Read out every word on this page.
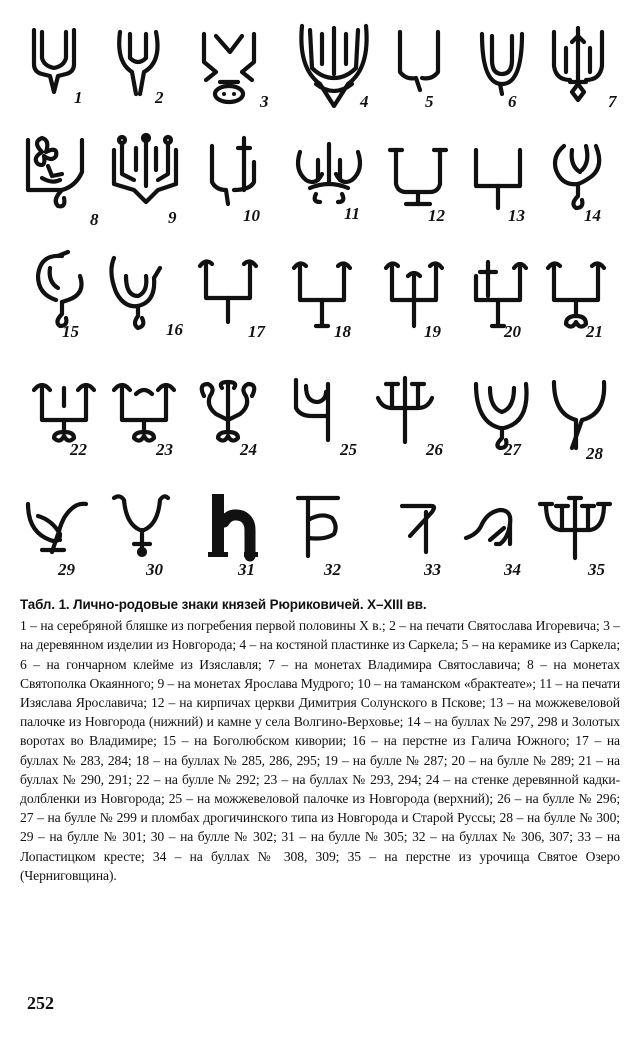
1	2	3	4	5	6	7
8	9	10	11	12	13	14
15	16	17	18	19	20	21
22	23	24	25	26	27	28
29	30	31	32	33	34	35
Табл. 1. Лично-родовые знаки князей Рюриковичей. X–XIII вв.
1 – на серебряной бляшке из погребения первой половины X в.; 2 – на печати Святослава Игоревича; 3 – на деревянном изделии из Новгорода; 4 – на костяной пластинке из Саркела; 5 – на керамике из Саркела; 6 – на гончарном клейме из Изяславля; 7 – на монетах Владимира Святославича; 8 – на монетах Святополка Окаянного; 9 – на монетах Ярослава Мудрого; 10 – на таманском «брактеате»; 11 – на печати Изяслава Ярославича; 12 – на кирпичах церкви Димитрия Солунского в Пскове; 13 – на можжевеловой палочке из Новгорода (нижний) и камне у села Волгино-Верховье; 14 – на буллах № 297, 298 и Золотых воротах во Владимире; 15 – на Боголюбском кивории; 16 – на перстне из Галича Южного; 17 – на буллах № 283, 284; 18 – на буллах № 285, 286, 295; 19 – на булле № 287; 20 – на булле № 289; 21 – на буллах № 290, 291; 22 – на булле № 292; 23 – на буллах № 293, 294; 24 – на стенке деревянной кадки-долбленки из Новгорода; 25 – на можжевеловой палочке из Новгорода (верхний); 26 – на булле № 296; 27 – на булле № 299 и пломбах дрогичинского типа из Новгорода и Старой Руссы; 28 – на булле № 300; 29 – на булле № 301; 30 – на булле № 302; 31 – на булле № 305; 32 – на буллах № 306, 307; 33 – на Лопастицком кресте; 34 – на буллах № 308, 309; 35 – на перстне из урочища Святое Озеро (Черниговщина).
252
